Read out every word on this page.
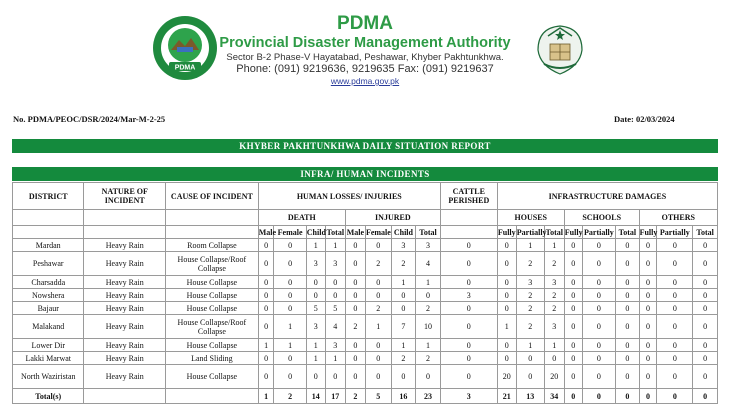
PDMA
PDMA
Provincial Disaster Management Authority
Sector B-2 Phase-V Hayatabad, Peshawar, Khyber Pakhtunkhwa.
Phone: (091) 9219636, 9219635 Fax: (091) 9219637
www.pdma.gov.pk
No. PDMA/PEOC/DSR/2024/Mar-M-2-25	Date: 02/03/2024
KHYBER PAKHTUNKHWA DAILY SITUATION REPORT
INFRA/ HUMAN INCIDENTS
DISTRICT	NATURE OF INCIDENT	CAUSE OF INCIDENT	HUMAN LOSSES/ INJURIES								CATTLE PERISHED	INFRASTRUCTURE DAMAGES								
			DEATH				INJURED					HOUSES			SCHOOLS			OTHERS		
			Male	Female	Child	Total	Male	Female	Child	Total		Fully	Partially	Total	Fully	Partially	Total	Fully	Partially	Total
Mardan	Heavy Rain	Room Collapse	0	0	1	1	0	0	3	3	0	0	1	1	0	0	0	0	0	0
Peshawar	Heavy Rain	House Collapse/Roof Collapse	0	0	3	3	0	2	2	4	0	0	2	2	0	0	0	0	0	0
Charsadda	Heavy Rain	House Collapse	0	0	0	0	0	0	1	1	0	0	3	3	0	0	0	0	0	0
Nowshera	Heavy Rain	House Collapse	0	0	0	0	0	0	0	0	3	0	2	2	0	0	0	0	0	0
Bajaur	Heavy Rain	House Collapse	0	0	5	5	0	2	0	2	0	0	2	2	0	0	0	0	0	0
Malakand	Heavy Rain	House Collapse/Roof Collapse	0	1	3	4	2	1	7	10	0	1	2	3	0	0	0	0	0	0
Lower Dir	Heavy Rain	House Collapse	1	1	1	3	0	0	1	1	0	0	1	1	0	0	0	0	0	0
Lakki Marwat	Heavy Rain	Land Sliding	0	0	1	1	0	0	2	2	0	0	0	0	0	0	0	0	0	0
North Waziristan	Heavy Rain	House Collapse	0	0	0	0	0	0	0	0	0	20	0	20	0	0	0	0	0	0
Total(s)			1	2	14	17	2	5	16	23	3	21	13	34	0	0	0	0	0	0
